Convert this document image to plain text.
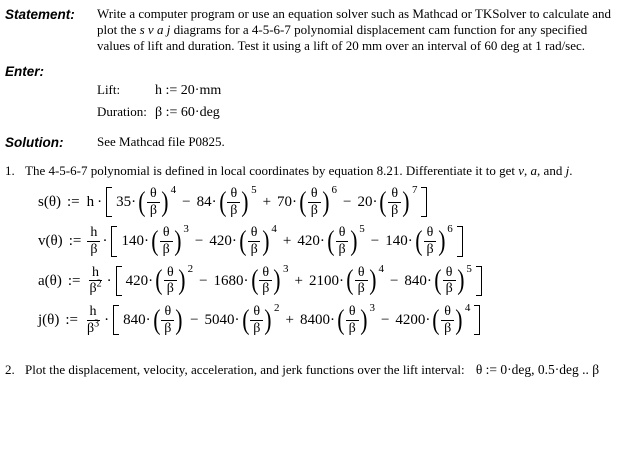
Statement:	Write a computer program or use an equation solver such as Mathcad or TKSolver to calculate and plot the s v a j diagrams for a 4-5-6-7 polynomial displacement cam function for any specified values of lift and duration. Test it using a lift of 20 mm over an interval of 60 deg at 1 rad/sec.
Enter:
Lift:	h := 20·mm
Duration: β := 60·deg
Solution:	See Mathcad file P0825.
1. The 4-5-6-7 polynomial is defined in local coordinates by equation 8.21. Differentiate it to get v, a, and j.
s(θ) := h · 35· ( $\frac{\theta}{\beta}$ ) 4
− 84· ( $\frac{\theta}{\beta}$ ) 5
+ 70· ( $\frac{\theta}{\beta}$ ) 6
− 20· ( $\frac{\theta}{\beta}$ ) 7
v(θ) := $\frac{h}{\beta} \cdot 140\cdot$ ( $\frac{\theta}{\beta}$ ) 3
− 420· ( $\frac{\theta}{\beta}$ ) 4
+ 420· ( $\frac{\theta}{\beta}$ ) 5
− 140· ( $\frac{\theta}{\beta}$ ) 6
a(θ) := $\frac{h}{\beta^2} \cdot 420\cdot$ ( $\frac{\theta}{\beta}$ ) 2
− 1680· ( $\frac{\theta}{\beta}$ ) 3
+ 2100· ( $\frac{\theta}{\beta}$ ) 4
− 840· ( $\frac{\theta}{\beta}$ ) 5
j(θ) := $\frac{h}{\beta^3} \cdot 840\cdot$ ( $\frac{\theta}{\beta}$ ) − 5040· ( $\frac{\theta}{\beta}$ ) 2
+ 8400· ( $\frac{\theta}{\beta}$ ) 3
− 4200· ( $\frac{\theta}{\beta}$ ) 4
2. Plot the displacement, velocity, acceleration, and jerk functions over the lift interval: θ := 0·deg, 0.5·deg .. β
